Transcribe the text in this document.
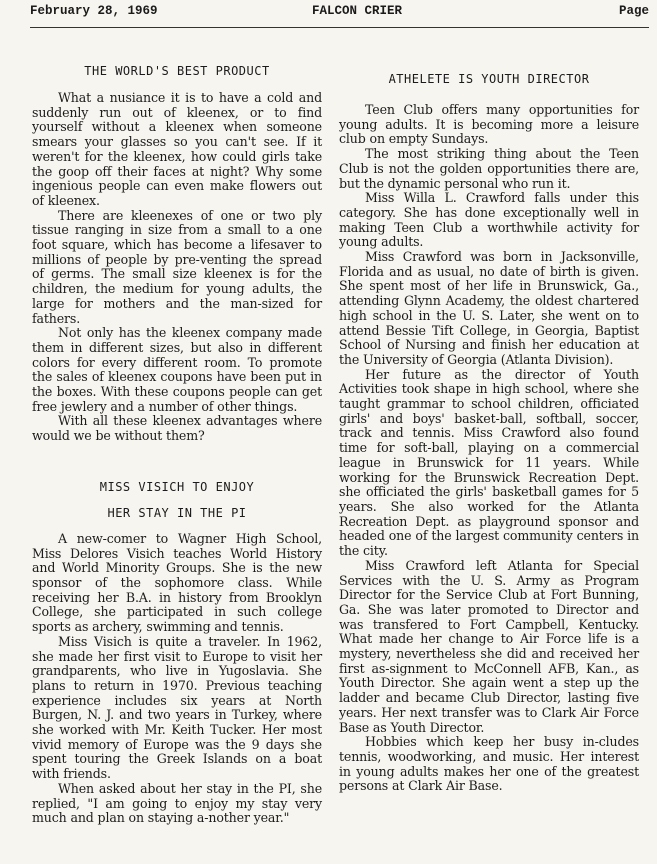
February 28, 1969	FALCON CRIER	Page

THE WORLD'S BEST PRODUCT

What a nusiance it is to have a cold and suddenly run out of kleenex, or to find yourself without a kleenex when someone smears your glasses so you can't see. If it weren't for the kleenex, how could girls take the goop off their faces at night? Why some ingenious people can even make flowers out of kleenex.

There are kleenexes of one or two ply tissue ranging in size from a small to a one foot square, which has become a lifesaver to millions of people by pre-venting the spread of germs. The small size kleenex is for the children, the medium for young adults, the large for mothers and the man-sized for fathers.

Not only has the kleenex company made them in different sizes, but also in different colors for every different room. To promote the sales of kleenex coupons have been put in the boxes. With these coupons people can get free jewlery and a number of other things.

With all these kleenex advantages where would we be without them?

MISS VISICH TO ENJOY

HER STAY IN THE PI

A new-comer to Wagner High School, Miss Delores Visich teaches World History and World Minority Groups. She is the new sponsor of the sophomore class. While receiving her B.A. in history from Brooklyn College, she participated in such college sports as archery, swimming and tennis.

Miss Visich is quite a traveler. In 1962, she made her first visit to Europe to visit her grandparents, who live in Yugoslavia. She plans to return in 1970. Previous teaching experience includes six years at North Burgen, N. J. and two years in Turkey, where she worked with Mr. Keith Tucker. Her most vivid memory of Europe was the 9 days she spent touring the Greek Islands on a boat with friends.

When asked about her stay in the PI, she replied, "I am going to enjoy my stay very much and plan on staying a-nother year."

ATHELETE IS YOUTH DIRECTOR

Teen Club offers many opportunities for young adults. It is becoming more a leisure club on empty Sundays.

The most striking thing about the Teen Club is not the golden opportunities there are, but the dynamic personal who run it.

Miss Willa L. Crawford falls under this category. She has done exceptionally well in making Teen Club a worthwhile activity for young adults.

Miss Crawford was born in Jacksonville, Florida and as usual, no date of birth is given. She spent most of her life in Brunswick, Ga., attending Glynn Academy, the oldest chartered high school in the U. S. Later, she went on to attend Bessie Tift College, in Georgia, Baptist School of Nursing and finish her education at the University of Georgia (Atlanta Division).

Her future as the director of Youth Activities took shape in high school, where she taught grammar to school children, officiated girls' and boys' basket-ball, softball, soccer, track and tennis. Miss Crawford also found time for soft-ball, playing on a commercial league in Brunswick for 11 years. While working for the Brunswick Recreation Dept. she officiated the girls' basketball games for 5 years. She also worked for the Atlanta Recreation Dept. as playground sponsor and headed one of the largest community centers in the city.

Miss Crawford left Atlanta for Special Services with the U. S. Army as Program Director for the Service Club at Fort Bunning, Ga. She was later promoted to Director and was transfered to Fort Campbell, Kentucky. What made her change to Air Force life is a mystery, nevertheless she did and received her first as-signment to McConnell AFB, Kan., as Youth Director. She again went a step up the ladder and became Club Director, lasting five years. Her next transfer was to Clark Air Force Base as Youth Director.

Hobbies which keep her busy in-cludes tennis, woodworking, and music. Her interest in young adults makes her one of the greatest persons at Clark Air Base.
